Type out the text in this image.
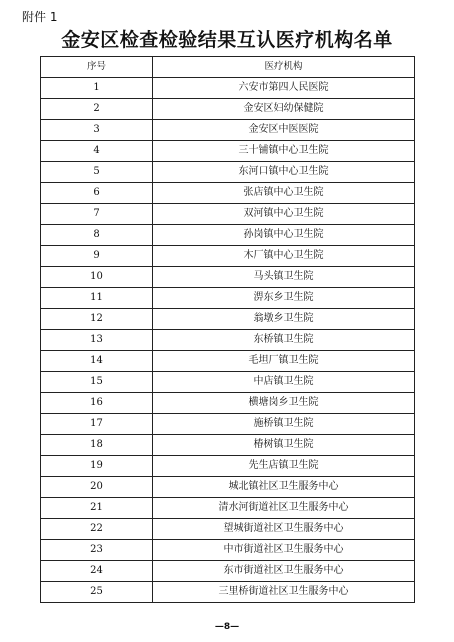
附件 1
金安区检查检验结果互认医疗机构名单
序号	医疗机构
1	六安市第四人民医院
2	金安区妇幼保健院
3	金安区中医医院
4	三十铺镇中心卫生院
5	东河口镇中心卫生院
6	张店镇中心卫生院
7	双河镇中心卫生院
8	孙岗镇中心卫生院
9	木厂镇中心卫生院
10	马头镇卫生院
11	淠东乡卫生院
12	翁墩乡卫生院
13	东桥镇卫生院
14	毛坦厂镇卫生院
15	中店镇卫生院
16	横塘岗乡卫生院
17	施桥镇卫生院
18	椿树镇卫生院
19	先生店镇卫生院
20	城北镇社区卫生服务中心
21	清水河街道社区卫生服务中心
22	望城街道社区卫生服务中心
23	中市街道社区卫生服务中心
24	东市街道社区卫生服务中心
25	三里桥街道社区卫生服务中心
—8—
